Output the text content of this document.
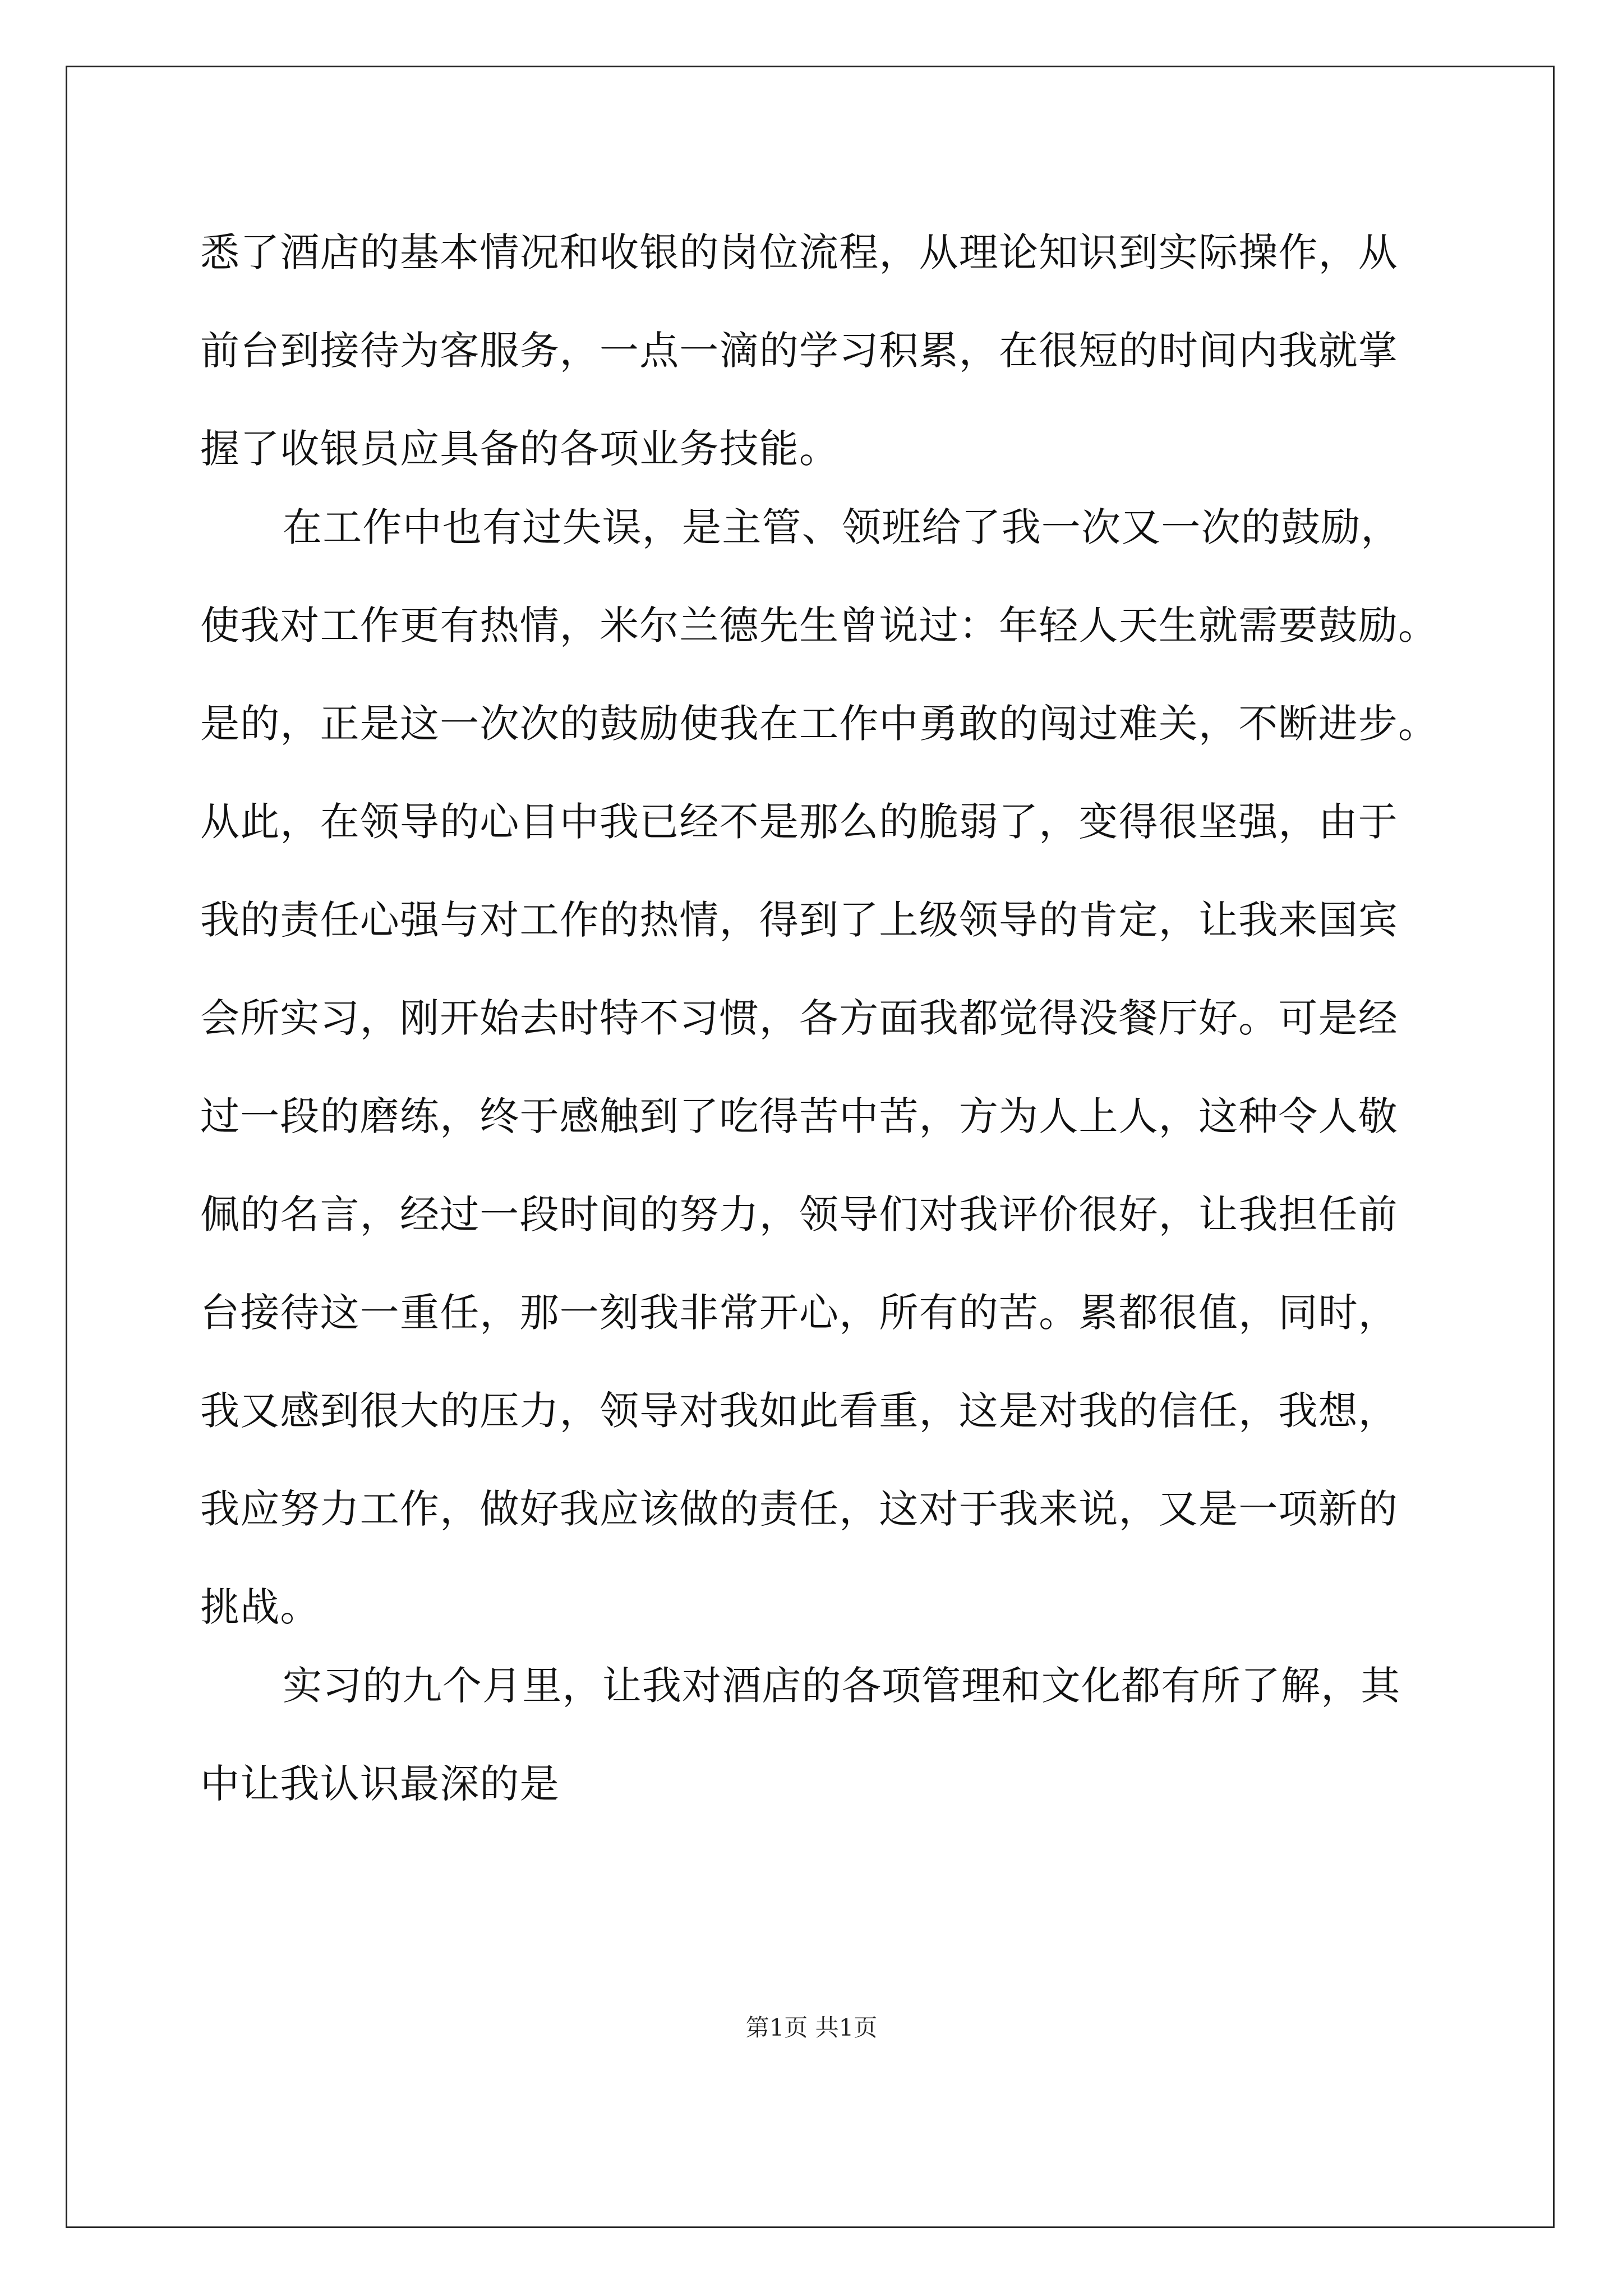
悉了酒店的基本情况和收银的岗位流程，从理论知识到实际操作，从
前台到接待为客服务，一点一滴的学习积累，在很短的时间内我就掌
握了收银员应具备的各项业务技能。
在工作中也有过失误，是主管、领班给了我一次又一次的鼓励，
使我对工作更有热情，米尔兰德先生曾说过：年轻人天生就需要鼓励。
是的，正是这一次次的鼓励使我在工作中勇敢的闯过难关，不断进步。
从此，在领导的心目中我已经不是那么的脆弱了，变得很坚强，由于
我的责任心强与对工作的热情，得到了上级领导的肯定，让我来国宾
会所实习，刚开始去时特不习惯，各方面我都觉得没餐厅好。可是经
过一段的磨练，终于感触到了吃得苦中苦，方为人上人，这种令人敬
佩的名言，经过一段时间的努力，领导们对我评价很好，让我担任前
台接待这一重任，那一刻我非常开心，所有的苦。累都很值，同时，
我又感到很大的压力，领导对我如此看重，这是对我的信任，我想，
我应努力工作，做好我应该做的责任，这对于我来说，又是一项新的
挑战。
实习的九个月里，让我对酒店的各项管理和文化都有所了解，其
中让我认识最深的是
第1页 共1页
